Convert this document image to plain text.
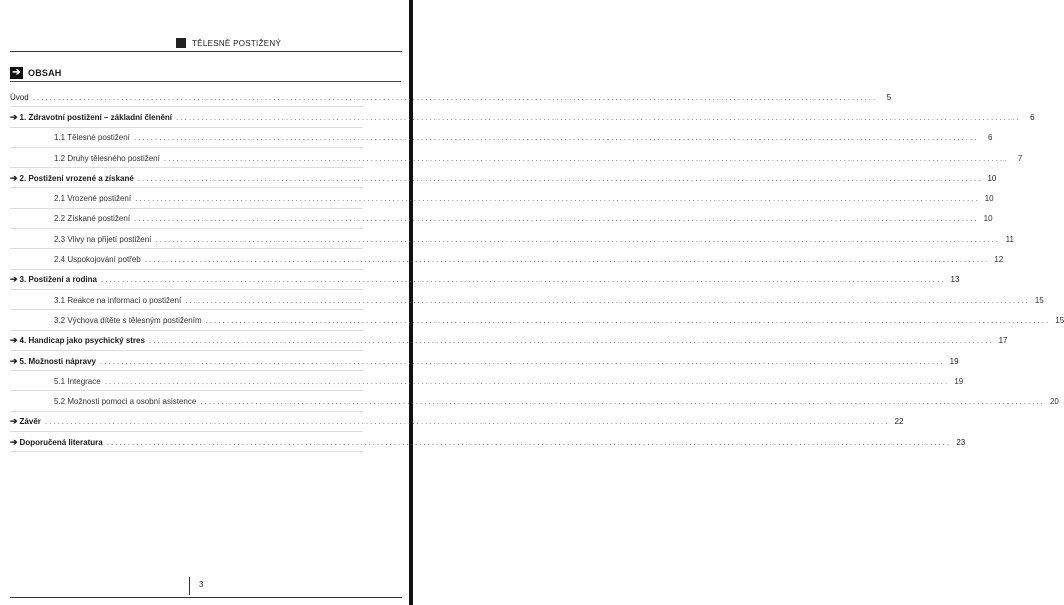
TĚLESNĚ POSTIŽENÝ
➔ OBSAH
Úvod ........................................................................................................................................................................................................	5
➔ 1. Zdravotní postižení – základní členění ........................................................................................................................................................................................................	6
1.1 Tělesné postižení ........................................................................................................................................................................................................	6
1.2 Druhy tělesného postižení ........................................................................................................................................................................................................	7
➔ 2. Postižení vrozené a získané ........................................................................................................................................................................................................ 10
2.1 Vrozené postižení ........................................................................................................................................................................................................ 10
2.2 Získané postižení ........................................................................................................................................................................................................ 10
2.3 Vlivy na přijetí postižení ........................................................................................................................................................................................................ 11
2.4 Uspokojování potřeb ........................................................................................................................................................................................................ 12
➔ 3. Postižení a rodina ........................................................................................................................................................................................................ 13
3.1 Reakce na informaci o postižení ........................................................................................................................................................................................................ 15
3.2 Výchova dítěte s tělesným postižením ........................................................................................................................................................................................................ 15
➔ 4. Handicap jako psychický stres ........................................................................................................................................................................................................ 17
➔ 5. Možnosti nápravy ........................................................................................................................................................................................................ 19
5.1 Integrace ........................................................................................................................................................................................................ 19
5.2 Možnosti pomoci a osobní asistence ........................................................................................................................................................................................................ 20
➔ Závěr ........................................................................................................................................................................................................ 22
➔ Doporučená literatura ........................................................................................................................................................................................................ 23
3
